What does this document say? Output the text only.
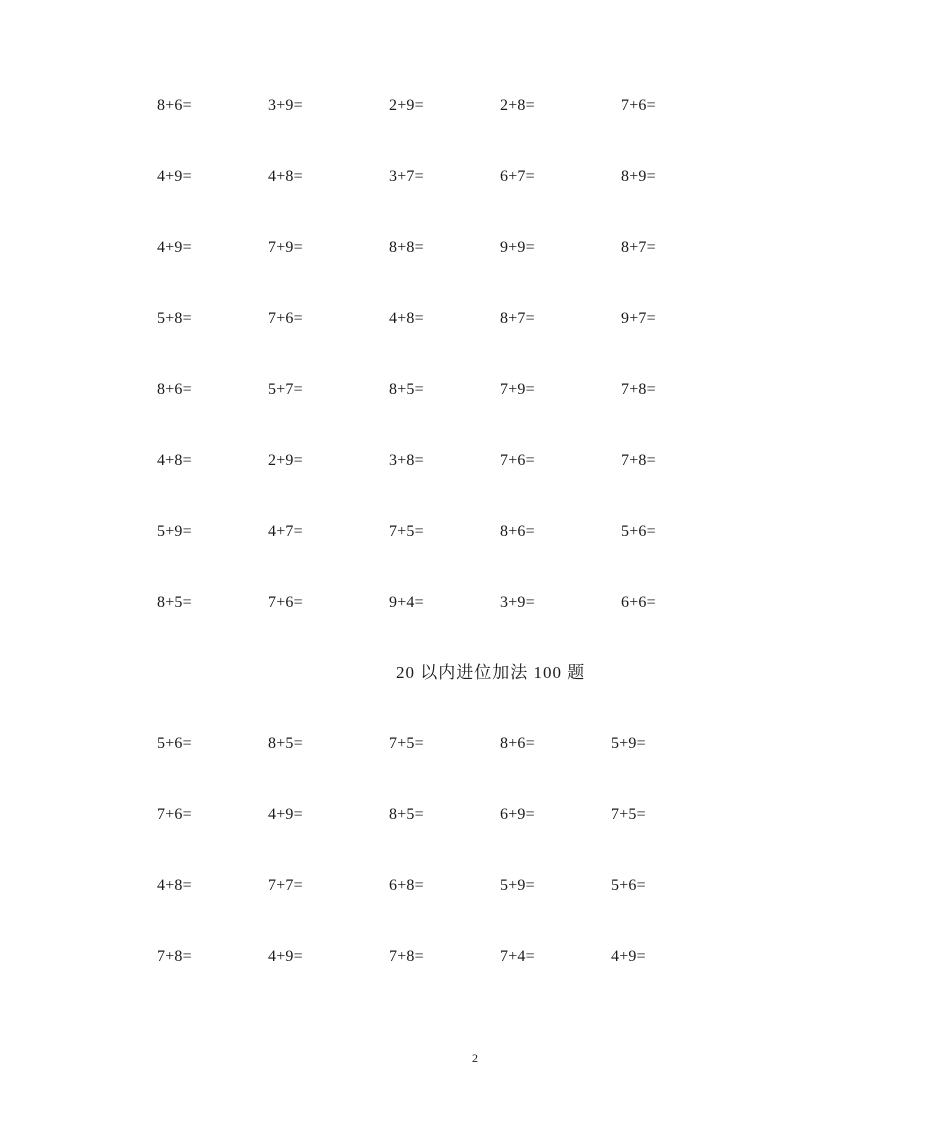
8+6=	3+9=	2+9=	2+8=	7+6=
4+9=	4+8=	3+7=	6+7=	8+9=
4+9=	7+9=	8+8=	9+9=	8+7=
5+8=	7+6=	4+8=	8+7=	9+7=
8+6=	5+7=	8+5=	7+9=	7+8=
4+8=	2+9=	3+8=	7+6=	7+8=
5+9=	4+7=	7+5=	8+6=	5+6=
8+5=	7+6=	9+4=	3+9=	6+6=
20 以内进位加法 100 题
5+6=	8+5=	7+5=	8+6=	5+9=
7+6=	4+9=	8+5=	6+9=	7+5=
4+8=	7+7=	6+8=	5+9=	5+6=
7+8=	4+9=	7+8=	7+4=	4+9=
2
